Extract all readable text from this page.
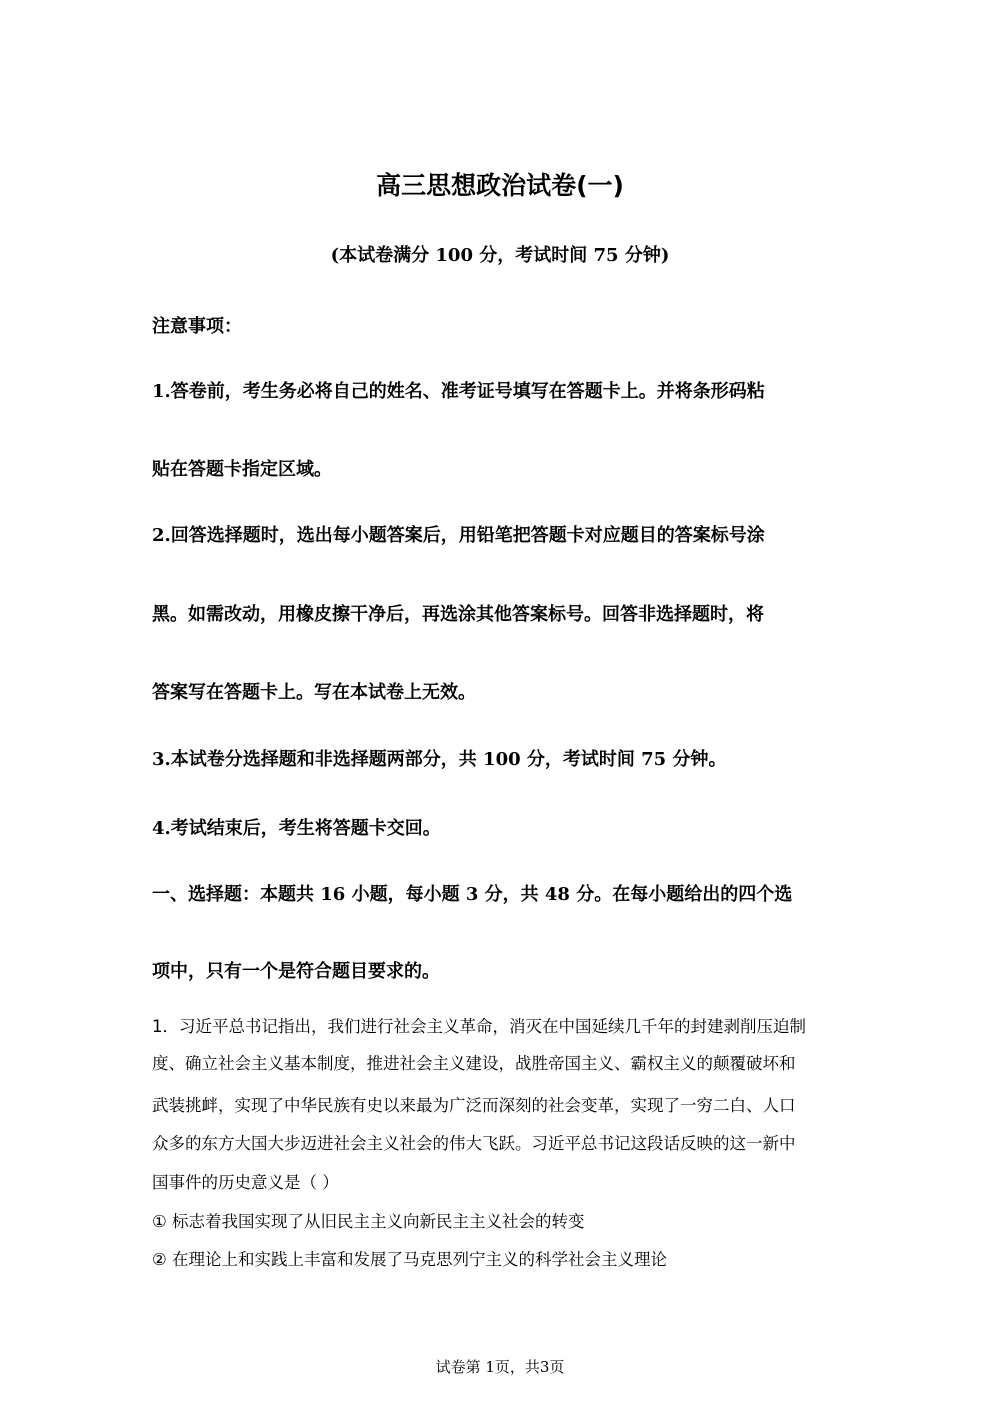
高三思想政治试卷(一)
(本试卷满分 100 分，考试时间 75 分钟)
注意事项：
1.答卷前，考生务必将自己的姓名、准考证号填写在答题卡上。并将条形码粘
贴在答题卡指定区域。
2.回答选择题时，选出每小题答案后，用铅笔把答题卡对应题目的答案标号涂
黑。如需改动，用橡皮擦干净后，再选涂其他答案标号。回答非选择题时，将
答案写在答题卡上。写在本试卷上无效。
3.本试卷分选择题和非选择题两部分，共 100 分，考试时间 75 分钟。
4.考试结束后，考生将答题卡交回。
一、选择题：本题共 16 小题，每小题 3 分，共 48 分。在每小题给出的四个选
项中，只有一个是符合题目要求的。
1．习近平总书记指出，我们进行社会主义革命，消灭在中国延续几千年的封建剥削压迫制
度、确立社会主义基本制度，推进社会主义建设，战胜帝国主义、霸权主义的颠覆破坏和
武装挑衅，实现了中华民族有史以来最为广泛而深刻的社会变革，实现了一穷二白、人口
众多的东方大国大步迈进社会主义社会的伟大飞跃。习近平总书记这段话反映的这一新中
国事件的历史意义是（ ）
① 标志着我国实现了从旧民主主义向新民主主义社会的转变
② 在理论上和实践上丰富和发展了马克思列宁主义的科学社会主义理论
试卷第 1页，共3页
